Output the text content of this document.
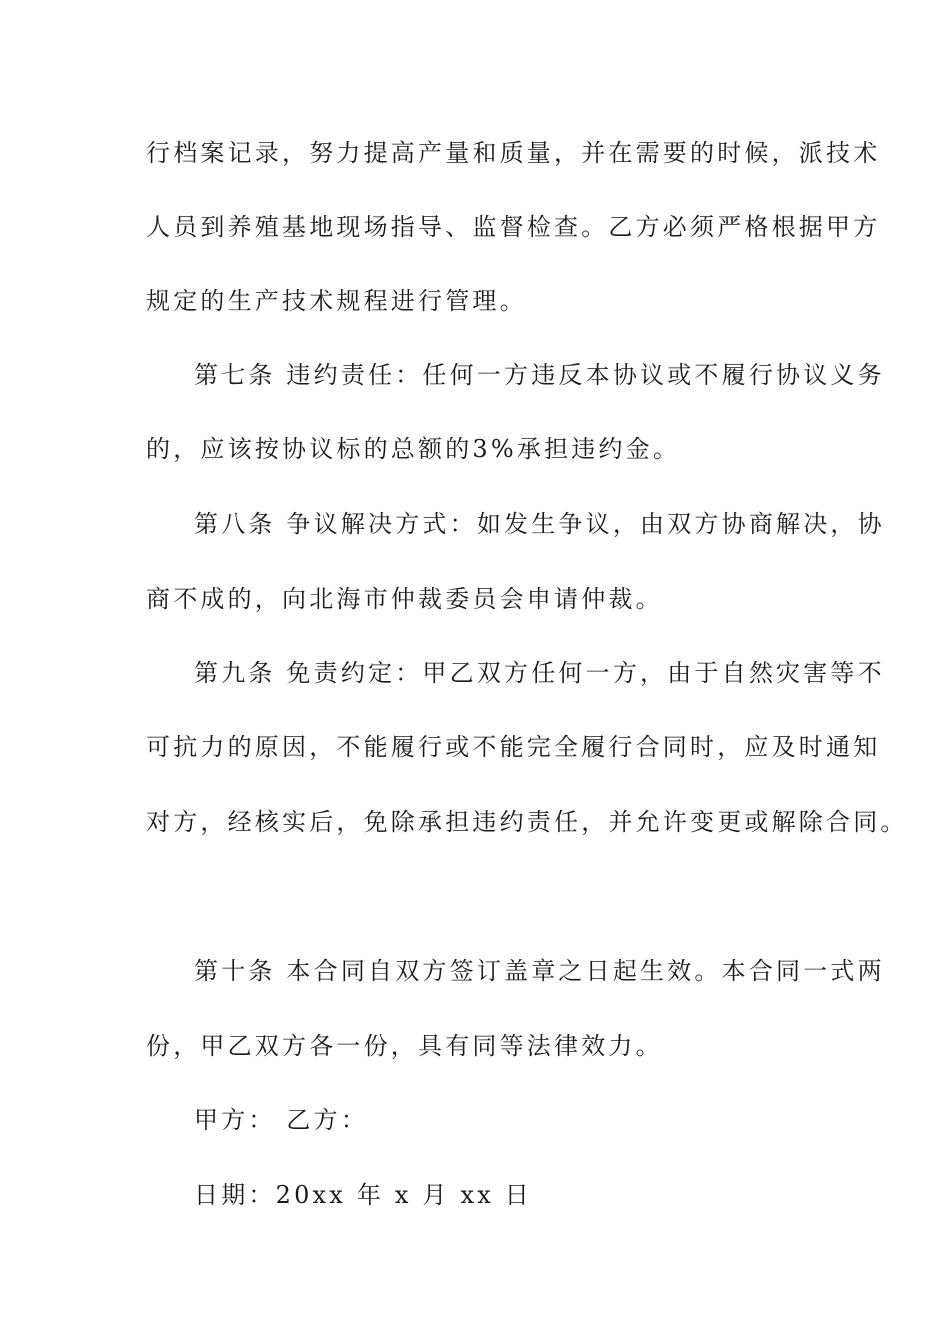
行档案记录，努力提高产量和质量，并在需要的时候，派技术
人员到养殖基地现场指导、监督检查。乙方必须严格根据甲方
规定的生产技术规程进行管理。
第七条 违约责任：任何一方违反本协议或不履行协议义务
的，应该按协议标的总额的3%承担违约金。
第八条 争议解决方式：如发生争议，由双方协商解决，协
商不成的，向北海市仲裁委员会申请仲裁。
第九条 免责约定：甲乙双方任何一方，由于自然灾害等不
可抗力的原因，不能履行或不能完全履行合同时，应及时通知
对方，经核实后，免除承担违约责任，并允许变更或解除合同。
第十条 本合同自双方签订盖章之日起生效。本合同一式两
份，甲乙双方各一份，具有同等法律效力。
甲方： 乙方：
日期：20xx 年 x 月 xx 日
